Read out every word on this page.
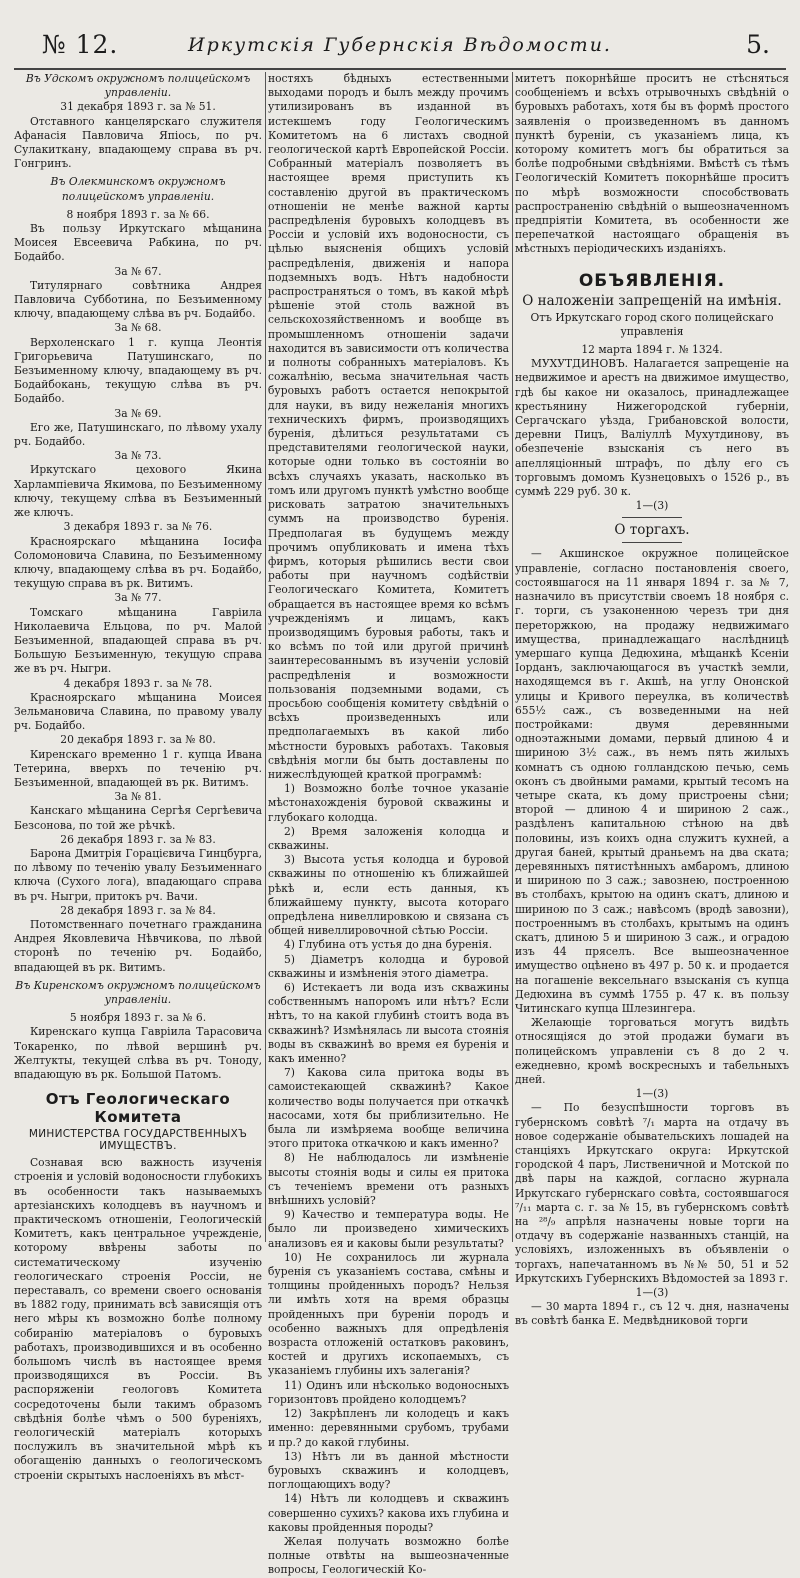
№ 12.	Иркутскія Губернскія Вѣдомости.	5.

Въ Удскомъ окружномъ полицейскомъ управленіи.

31 декабря 1893 г. за № 51.

Отставного канцелярскаго служителя Афанасія Павловича Япіось, по рч. Сулакиткану, впадающему справа въ рч. Гонгринъ.

Въ Олекминскомъ окружномъ полицейскомъ управленіи.

8 ноября 1893 г. за № 66.

Въ пользу Иркутскаго мѣщанина Моисея Евсеевича Рабкина, по рч. Бодайбо.

За № 67.

Титулярнаго совѣтника Андрея Павловича Субботина, по Безъименному ключу, впадающему слѣва въ рч. Бодайбо.

За № 68.

Верхоленскаго 1 г. купца Леонтія Григорьевича Патушинскаго, по Безъименному ключу, впадающему въ рч. Бодайбокань, текущую слѣва въ рч. Бодайбо.

За № 69.

Его же, Патушинскаго, по лѣвому ухалу рч. Бодайбо.

За № 73.

Иркутскаго цехового Якина Харлампіевича Якимова, по Безъименному ключу, текущему слѣва въ Безъименный же ключъ.

3 декабря 1893 г. за № 76.

Красноярскаго мѣщанина Іосифа Соломоновича Славина, по Безъименному ключу, впадающему слѣва въ рч. Бодайбо, текущую справа въ рк. Витимъ.

За № 77.

Томскаго мѣщанина Гавріила Николаевича Ельцова, по рч. Малой Безъименной, впадающей справа въ рч. Большую Безъименную, текущую справа же въ рч. Ныгри.

4 декабря 1893 г. за № 78.

Красноярскаго мѣщанина Моисея Зельмановича Славина, по правому увалу рч. Бодайбо.

20 декабря 1893 г. за № 80.

Киренскаго временно 1 г. купца Ивана Тетерина, вверхъ по теченію рч. Безъименной, впадающей въ рк. Витимъ.

За № 81.

Канскаго мѣщанина Сергѣя Сергѣевича Безсонова, по той же рѣчкѣ.

26 декабря 1893 г. за № 83.

Барона Дмитрія Горацієвича Гинцбурга, по лѣвому по теченію увалу Безъименнаго ключа (Сухого лога), впадающаго справа въ рч. Ныгри, притокъ рч. Вачи.

28 декабря 1893 г. за № 84.

Потомственнаго почетнаго гражданина Андрея Яковлевича Нѣвчикова, по лѣвой сторонѣ по теченію рч. Бодайбо, впадающей въ рк. Витимъ.

Въ Киренскомъ окружномъ полицейскомъ управленіи.

5 ноября 1893 г. за № 6.

Киренскаго купца Гавріила Тарасовича Токаренко, по лѣвой вершинѣ рч. Желтукты, текущей слѣва въ рч. Тоноду, впадающую въ рк. Большой Патомъ.

Отъ Геологическаго Комитета
МИНИСТЕРСТВА ГОСУДАРСТВЕННЫХЪ ИМУЩЕСТВЪ.

Сознавая всю важность изученія строенія и условій водоносности глубокихъ въ особенности такъ называемыхъ артезіанскихъ колодцевъ въ научномъ и практическомъ отношеніи, Геологическій Комитетъ, какъ центральное учрежденіе, которому ввѣрены заботы по систематическому изученію геологическаго строенія Россіи, не переставалъ, со времени своего основанія въ 1882 году, принимать всѣ зависящія отъ него мѣры къ возможно болѣе полному собиранію матеріаловъ о буровыхъ работахъ, производившихся и въ особенно большомъ числѣ въ настоящее время производящихся въ Россіи. Въ распоряженіи геологовъ Комитета сосредоточены были такимъ образомъ свѣдѣнія болѣе чѣмъ о 500 буреніяхъ, геологическій матеріалъ которыхъ послужилъ въ значительной мѣрѣ къ обогащенію данныхъ о геологическомъ строеніи скрытыхъ наслоеніяхъ въ мѣст-

ностяхъ бѣдныхъ естественными выходами породъ и былъ между прочимъ утилизированъ въ изданной въ истекшемъ году Геологическимъ Комитетомъ на 6 листахъ сводной геологической картѣ Европейской Россіи. Собранный матеріалъ позволяетъ въ настоящее время приступить къ составленію другой въ практическомъ отношеніи не менѣе важной карты распредѣленія буровыхъ колодцевъ въ Россіи и условій ихъ водоносности, съ цѣлью выясненія общихъ условій распредѣленія, движенія и напора подземныхъ водъ. Нѣтъ надобности распространяться о томъ, въ какой мѣрѣ рѣшеніе этой столь важной въ сельскохозяйственномъ и вообще въ промышленномъ отношеніи задачи находится въ зависимости отъ количества и полноты собранныхъ матеріаловъ. Къ сожалѣнію, весьма значительная часть буровыхъ работъ остается непокрытой для науки, въ виду нежеланія многихъ техническихъ фирмъ, производящихъ буренія, дѣлиться результатами съ представителями геологической науки, которые одни только въ состояніи во всѣхъ случаяхъ указать, насколько въ томъ или другомъ пунктѣ умѣстно вообще рисковать затратою значительныхъ суммъ на производство буренія. Предполагая въ будущемъ между прочимъ опубликовать и имена тѣхъ фирмъ, которыя рѣшились вести свои работы при научномъ содѣйствіи Геологическаго Комитета, Комитетъ обращается въ настоящее время ко всѣмъ учрежденіямъ и лицамъ, какъ производящимъ буровыя работы, такъ и ко всѣмъ по той или другой причинѣ заинтересованнымъ въ изученіи условій распредѣленія и возможности пользованія подземными водами, съ просьбою сообщенія комитету свѣдѣній о всѣхъ произведенныхъ или предполагаемыхъ въ какой либо мѣстности буровыхъ работахъ. Таковыя свѣдѣнія могли бы быть доставлены по нижеслѣдующей краткой программѣ:

1) Возможно болѣе точное указаніе мѣстонахожденія буровой скважины и глубокаго колодца.

2) Время заложенія колодца и скважины.

3) Высота устья колодца и буровой скважины по отношенію къ ближайшей рѣкѣ и, если есть данныя, къ ближайшему пункту, высота котораго опредѣлена нивеллировкою и связана съ общей нивеллировочной сѣтью Россіи.

4) Глубина отъ устья до дна буренія.

5) Діаметръ колодца и буровой скважины и измѣненія этого діаметра.

6) Истекаетъ ли вода изъ скважины собственнымъ напоромъ или нѣтъ? Если нѣтъ, то на какой глубинѣ стоитъ вода въ скважинѣ? Измѣнялась ли высота стоянія воды въ скважинѣ во время ея буренія и какъ именно?

7) Какова сила притока воды въ самоистекающей скважинѣ? Какое количество воды получается при откачкѣ насосами, хотя бы приблизительно. Не была ли измѣряема вообще величина этого притока откачкою и какъ именно?

8) Не наблюдалось ли измѣненіе высоты стоянія воды и силы ея притока съ теченіемъ времени отъ разныхъ внѣшнихъ условій?

9) Качество и температура воды. Не было ли произведено химическихъ анализовъ ея и каковы были результаты?

10) Не сохранилось ли журнала буренія съ указаніемъ состава, смѣны и толщины пройденныхъ породъ? Нельзя ли имѣть хотя на время образцы пройденныхъ при буреніи породъ и особенно важныхъ для опредѣленія возраста отложеній остатковъ раковинъ, костей и другихъ ископаемыхъ, съ указаніемъ глубины ихъ залеганія?

11) Одинъ или нѣсколько водоносныхъ горизонтовъ пройдено колодцемъ?

12) Закрѣпленъ ли колодецъ и какъ именно: деревянными срубомъ, трубами и пр.? до какой глубины.

13) Нѣтъ ли въ данной мѣстности буровыхъ скважинъ и колодцевъ, поглощающихъ воду?

14) Нѣтъ ли колодцевъ и скважинъ совершенно сухихъ? какова ихъ глубина и каковы пройденныя породы?

Желая получать возможно болѣе полные отвѣты на вышеозначенные вопросы, Геологическій Ко-

митетъ покорнѣйше проситъ не стѣсняться сообщеніемъ и всѣхъ отрывочныхъ свѣдѣній о буровыхъ работахъ, хотя бы въ формѣ простого заявленія о произведенномъ въ данномъ пунктѣ буреніи, съ указаніемъ лица, къ которому комитетъ могъ бы обратиться за болѣе подробными свѣдѣніями. Вмѣстѣ съ тѣмъ Геологическій Комитетъ покорнѣйше проситъ по мѣрѣ возможности способствовать распространенію свѣдѣній о вышеозначенномъ предпріятіи Комитета, въ особенности же перепечаткой настоящаго обращенія въ мѣстныхъ періодическихъ изданіяхъ.

ОБЪЯВЛЕНІЯ.
О наложеніи запрещеній на имѣнія.

Отъ Иркутскаго город ского полицейскаго управленія

12 марта 1894 г. № 1324.

МУХУТДИНОВЪ. Налагается запрещеніе на недвижимое и арестъ на движимое имущество, гдѣ бы какое ни оказалось, принадлежащее крестьянину Нижегородской губерніи, Сергачскаго уѣзда, Грибановской волости, деревни Пицъ, Валіуллѣ Мухутдинову, въ обезпеченіе взысканія съ него въ апелляціонный штрафъ, по дѣлу его съ торговымъ домомъ Кузнецовыхъ о 1526 р., въ суммѣ 229 руб. 30 к.

1—(3)

О торгахъ.

— Акшинское окружное полицейское управленіе, согласно постановленія своего, состоявшагося на 11 января 1894 г. за № 7, назначило въ присутствіи своемъ 18 ноября с. г. торги, съ узаконенною черезъ три дня переторжкою, на продажу недвижимаго имущества, принадлежащаго наслѣдницѣ умершаго купца Дедюхина, мѣщанкѣ Ксеніи Іорданъ, заключающагося въ участкѣ земли, находящемся въ г. Акшѣ, на углу Ононской улицы и Кривого переулка, въ количествѣ 655½ саж., съ возведенными на ней постройками: двумя деревянными одноэтажными домами, первый длиною 4 и шириною 3½ саж., въ немъ пять жилыхъ комнатъ съ одною голландскою печью, семь оконъ съ двойными рамами, крытый тесомъ на четыре ската, къ дому пристроены сѣни; второй — длиною 4 и шириною 2 саж., раздѣленъ капитальною стѣною на двѣ половины, изъ коихъ одна служитъ кухней, а другая баней, крытый драньемъ на два ската; деревянныхъ пятистѣнныхъ амбаромъ, длиною и шириною по 3 саж.; завознею, построенною въ столбахъ, крытою на одинъ скатъ, длиною и шириною по 3 саж.; навѣсомъ (вродѣ завозни), построеннымъ въ столбахъ, крытымъ на одинъ скатъ, длиною 5 и шириною 3 саж., и оградою изъ 44 пряселъ. Все вышеозначенное имущество оцѣнено въ 497 р. 50 к. и продается на погашеніе вексельнаго взысканія съ купца Дедюхина въ суммѣ 1755 р. 47 к. въ пользу Читинскаго купца Шлезингера.

Желающіе торговаться могутъ видѣть относящіяся до этой продажи бумаги въ полицейскомъ управленіи съ 8 до 2 ч. ежедневно, кромѣ воскресныхъ и табельныхъ дней.

1—(3)

— По безуспѣшности торговъ въ губернскомъ совѣтѣ ⁷/₁ марта на отдачу въ новое содержаніе обывательскихъ лошадей на станціяхъ Иркутскаго округа: Иркутской городской 4 паръ, Лиственичной и Мотской по двѣ пары на каждой, согласно журнала Иркутскаго губернскаго совѣта, состоявшагося ⁷/₁₁ марта с. г. за № 15, въ губернскомъ совѣтѣ на ²⁸/₉ апрѣля назначены новые торги на отдачу въ содержаніе названныхъ станцій, на условіяхъ, изложенныхъ въ объявленіи о торгахъ, напечатанномъ въ №№ 50, 51 и 52 Иркутскихъ Губернскихъ Вѣдомостей за 1893 г.

1—(3)

— 30 марта 1894 г., съ 12 ч. дня, назначены въ совѣтѣ банка Е. Медвѣдниковой торги
